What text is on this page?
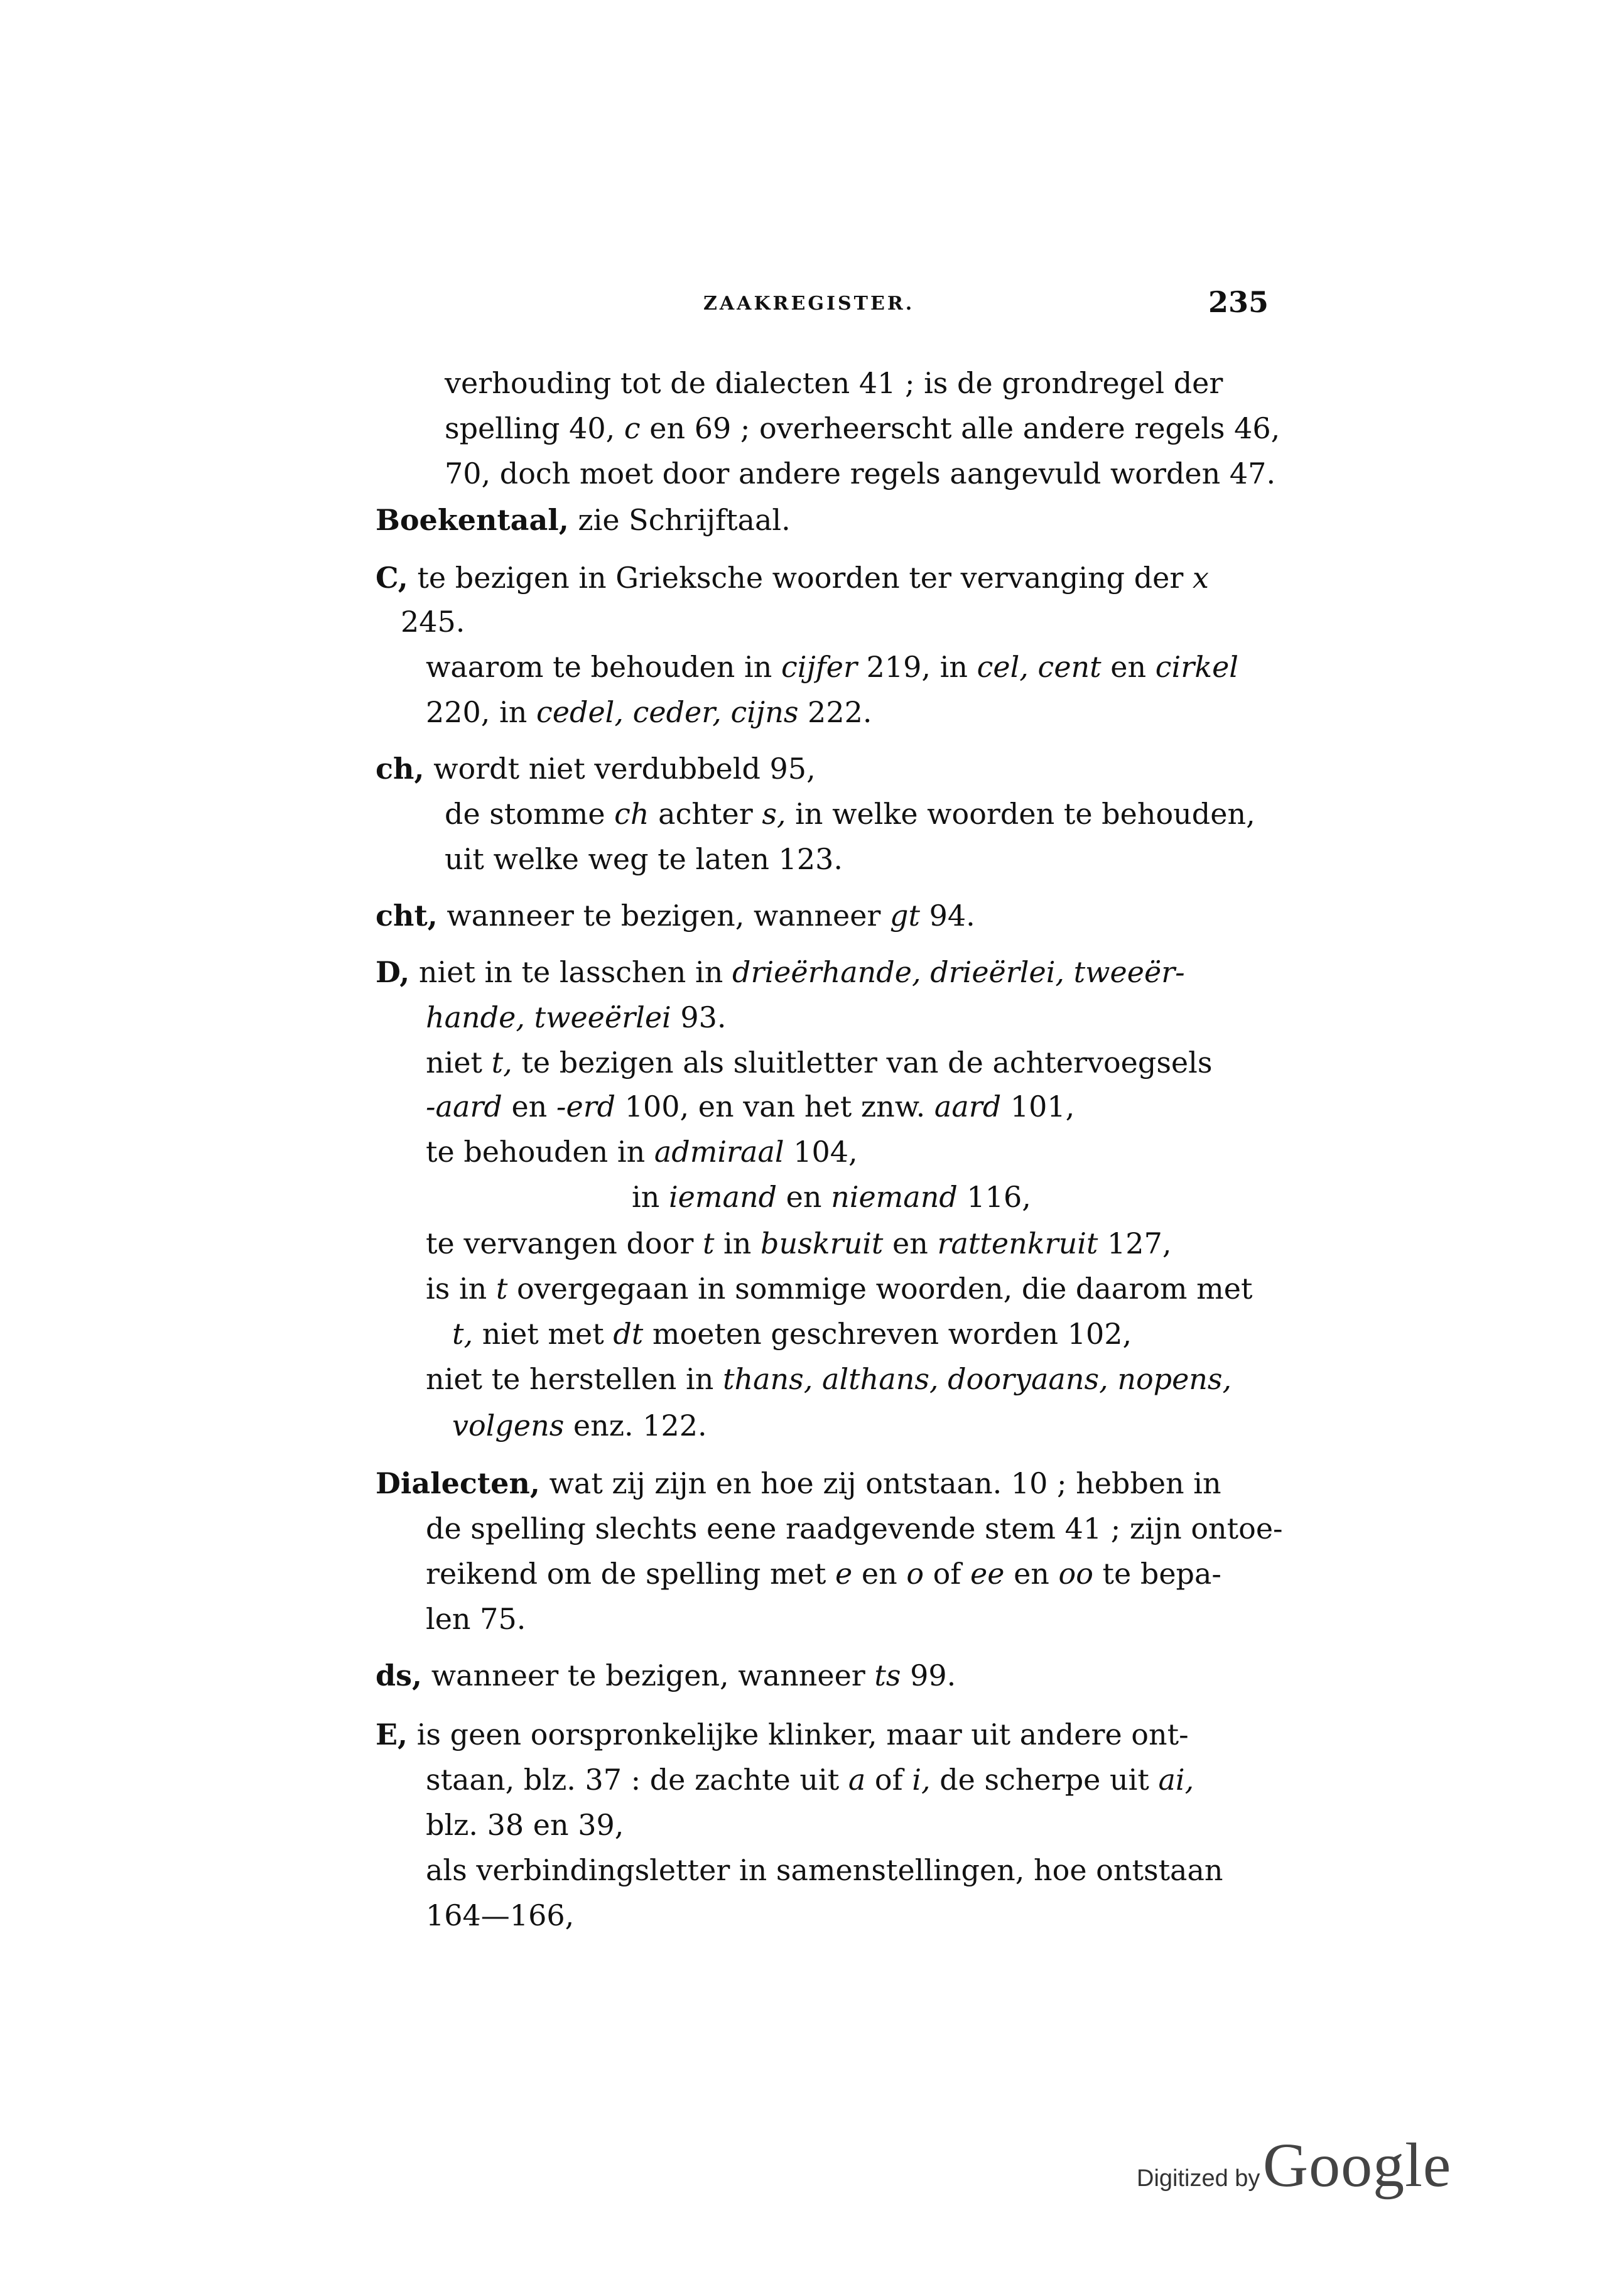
ZAAKREGISTER.	235
verhouding tot de dialecten 41 ; is de grondregel der
spelling 40, c en 69 ; overheerscht alle andere regels 46,
70, doch moet door andere regels aangevuld worden 47.
Boekentaal, zie Schrijftaal.
C, te bezigen in Grieksche woorden ter vervanging der x
245.
waarom te behouden in cijfer 219, in cel, cent en cirkel
220, in cedel, ceder, cijns 222.
ch, wordt niet verdubbeld 95,
de stomme ch achter s, in welke woorden te behouden,
uit welke weg te laten 123.
cht, wanneer te bezigen, wanneer gt 94.
D, niet in te lasschen in drieërhande, drieërlei, tweeër-
hande, tweeërlei 93.
niet t, te bezigen als sluitletter van de achtervoegsels
-aard en -erd 100, en van het znw. aard 101,
te behouden in admiraal 104,
in iemand en niemand 116,
te vervangen door t in buskruit en rattenkruit 127,
is in t overgegaan in sommige woorden, die daarom met
t, niet met dt moeten geschreven worden 102,
niet te herstellen in thans, althans, dooryaans, nopens,
volgens enz. 122.
Dialecten, wat zij zijn en hoe zij ontstaan. 10 ; hebben in
de spelling slechts eene raadgevende stem 41 ; zijn ontoe-
reikend om de spelling met e en o of ee en oo te bepa-
len 75.
ds, wanneer te bezigen, wanneer ts 99.
E, is geen oorspronkelijke klinker, maar uit andere ont-
staan, blz. 37 : de zachte uit a of i, de scherpe uit ai,
blz. 38 en 39,
als verbindingsletter in samenstellingen, hoe ontstaan
164—166,
Digitized by Google
